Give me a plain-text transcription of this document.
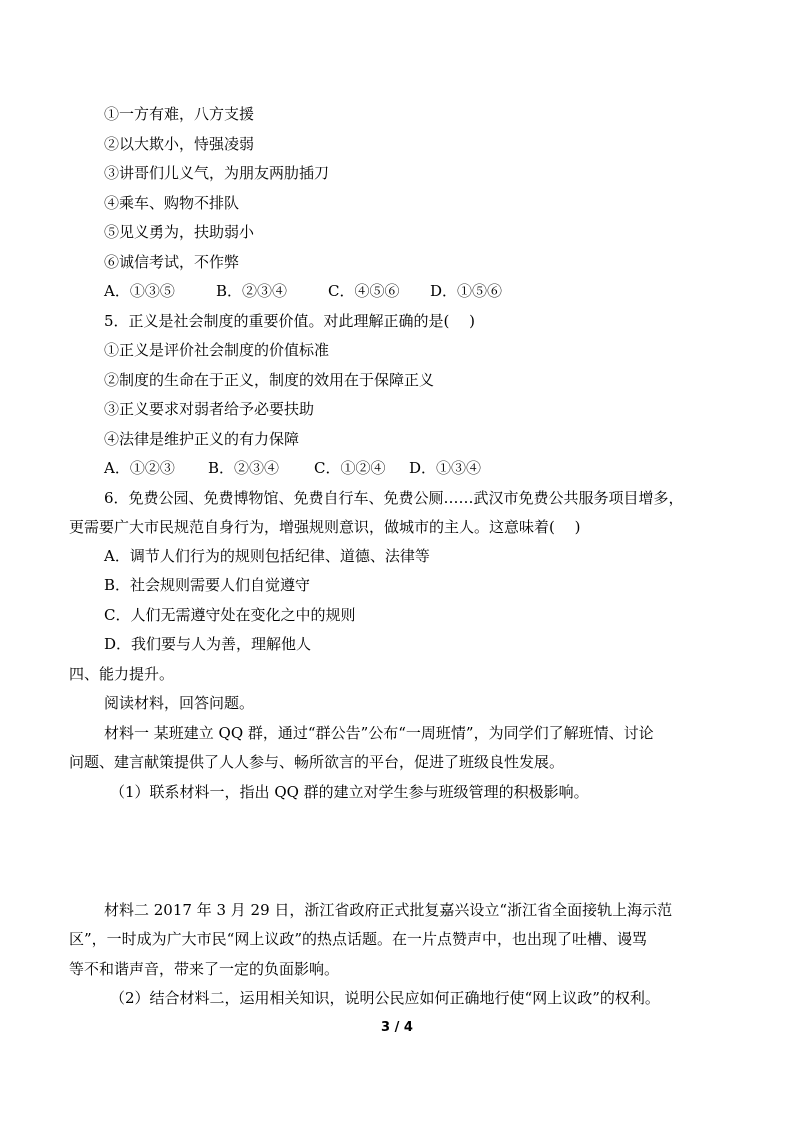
①一方有难，八方支援
②以大欺小，恃强凌弱
③讲哥们儿义气，为朋友两肋插刀
④乘车、购物不排队
⑤见义勇为，扶助弱小
⑥诚信考试，不作弊
A．①③⑤	B．②③④	C．④⑤⑥ D．①⑤⑥
5．正义是社会制度的重要价值。对此理解正确的是(　 )
①正义是评价社会制度的价值标准
②制度的生命在于正义，制度的效用在于保障正义
③正义要求对弱者给予必要扶助
④法律是维护正义的有力保障
A．①②③ B．②③④ C．①②④ D．①③④
6．免费公园、免费博物馆、免费自行车、免费公厕……武汉市免费公共服务项目增多，
更需要广大市民规范自身行为，增强规则意识，做城市的主人。这意味着(　 )
A．调节人们行为的规则包括纪律、道德、法律等
B．社会规则需要人们自觉遵守
C．人们无需遵守处在变化之中的规则
D．我们要与人为善，理解他人
四、能力提升。
阅读材料，回答问题。
材料一 某班建立 QQ 群，通过“群公告”公布“一周班情”，为同学们了解班情、讨论
问题、建言献策提供了人人参与、畅所欲言的平台，促进了班级良性发展。
（1）联系材料一，指出 QQ 群的建立对学生参与班级管理的积极影响。
材料二 2017 年 3 月 29 日，浙江省政府正式批复嘉兴设立“浙江省全面接轨上海示范
区”，一时成为广大市民“网上议政”的热点话题。在一片点赞声中，也出现了吐槽、谩骂
等不和谐声音，带来了一定的负面影响。
（2）结合材料二，运用相关知识，说明公民应如何正确地行使“网上议政”的权利。
3 / 4
